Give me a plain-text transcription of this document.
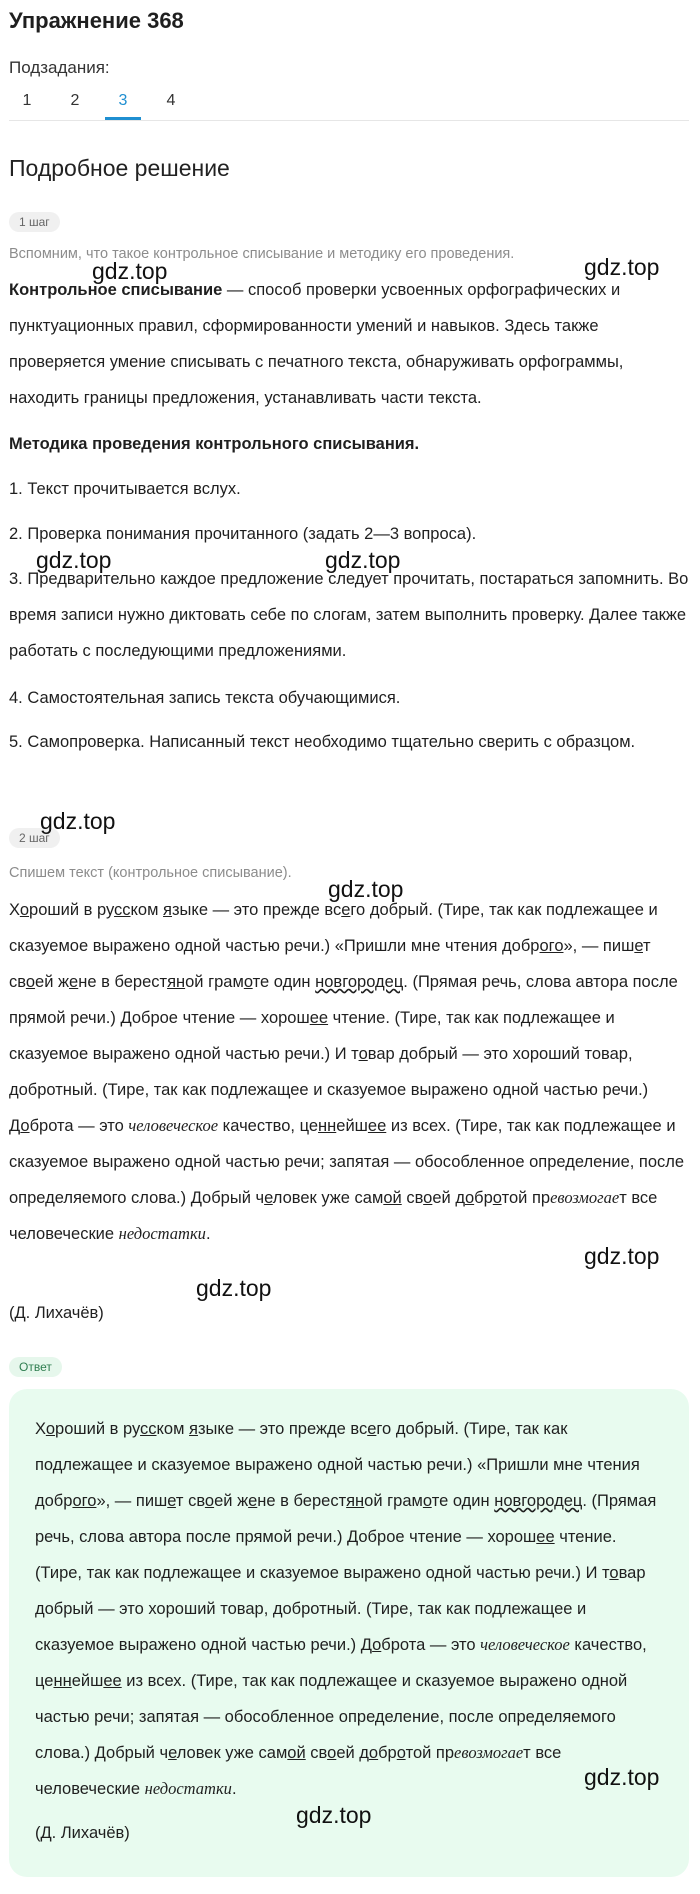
Упражнение 368
Подзадания:
1	2	3	4
Подробное решение
1 шаг
Вспомним, что такое контрольное списывание и методику его проведения.

Контрольное списывание — способ проверки усвоенных орфографических и пунктуационных правил, сформированности умений и навыков. Здесь также проверяется умение списывать с печатного текста, обнаруживать орфограммы, находить границы предложения, устанавливать части текста.

Методика проведения контрольного списывания.

1. Текст прочитывается вслух.

2. Проверка понимания прочитанного (задать 2—3 вопроса).

3. Предварительно каждое предложение следует прочитать, постараться запомнить. Во время записи нужно диктовать себе по слогам, затем выполнить проверку. Далее также работать с последующими предложениями.

4. Самостоятельная запись текста обучающимися.

5. Самопроверка. Написанный текст необходимо тщательно сверить с образцом.

2 шаг
Спишем текст (контрольное списывание).

Хороший в русском языке — это прежде всего добрый. (Тире, так как подлежащее и сказуемое выражено одной частью речи.) «Пришли мне чтения доброго», — пишет своей жене в берестяной грамоте один новгородец. (Прямая речь, слова автора после прямой речи.) Доброе чтение — хорошее чтение. (Тире, так как подлежащее и сказуемое выражено одной частью речи.) И товар добрый — это хороший товар, добротный. (Тире, так как подлежащее и сказуемое выражено одной частью речи.) Доброта — это человеческое качество, ценнейшее из всех. (Тире, так как подлежащее и сказуемое выражено одной частью речи; запятая — обособленное определение, после определяемого слова.) Добрый человек уже самой своей добротой превозмогает все человеческие недостатки.

(Д. Лихачёв)

Ответ

Хороший в русском языке — это прежде всего добрый. (Тире, так как подлежащее и сказуемое выражено одной частью речи.) «Пришли мне чтения доброго», — пишет своей жене в берестяной грамоте один новгородец. (Прямая речь, слова автора после прямой речи.) Доброе чтение — хорошее чтение. (Тире, так как подлежащее и сказуемое выражено одной частью речи.) И товар добрый — это хороший товар, добротный. (Тире, так как подлежащее и сказуемое выражено одной частью речи.) Доброта — это человеческое качество, ценнейшее из всех. (Тире, так как подлежащее и сказуемое выражено одной частью речи; запятая — обособленное определение, после определяемого слова.) Добрый человек уже самой своей добротой превозмогает все человеческие недостатки.

(Д. Лихачёв)

gdz.top	gdz.top
gdz.top	gdz.top
gdz.top
gdz.top
gdz.top
gdz.top
gdz.top
gdz.top
